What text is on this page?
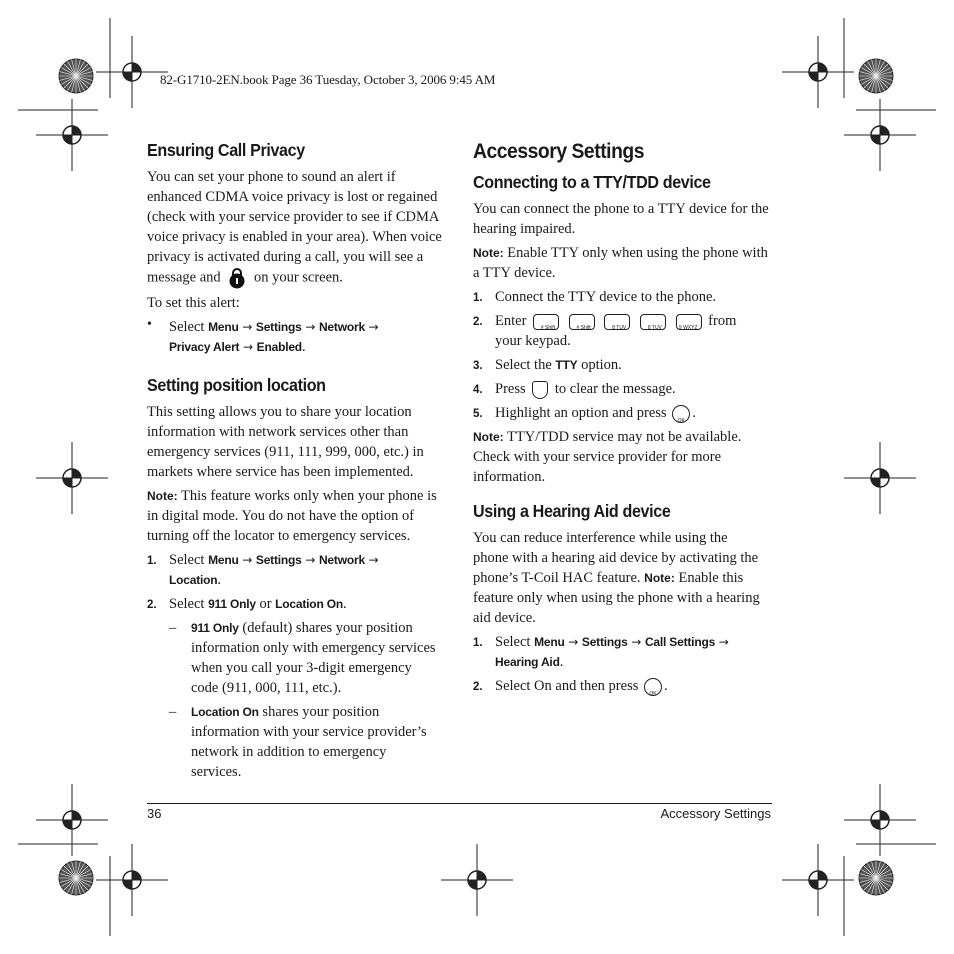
82-G1710-2EN.book Page 36 Tuesday, October 3, 2006 9:45 AM
Ensuring Call Privacy

You can set your phone to sound an alert if

enhanced CDMA voice privacy is lost or regained

(check with your service provider to see if CDMA

voice privacy is enabled in your area). When voice

privacy is activated during a call, you will see a

message and on your screen.

To set this alert:

• Select Menu → Settings → Network →

Privacy Alert → Enabled.

Setting position location

This setting allows you to share your location

information with network services other than

emergency services (911, 111, 999, 000, etc.) in

markets where service has been implemented.

Note: This feature works only when your phone is

in digital mode. You do not have the option of

turning off the locator to emergency services.

1. Select Menu → Settings → Network →

Location.

2. Select 911 Only or Location On.

– 911 Only (default) shares your position

information only with emergency services

when you call your 3-digit emergency

code (911, 000, 111, etc.).

– Location On shares your position

information with your service provider’s

network in addition to emergency

services.

Accessory Settings
Connecting to a TTY/TDD device

You can connect the phone to a TTY device for the

hearing impaired.

Note: Enable TTY only when using the phone with

a TTY device.

1. Connect the TTY device to the phone.

2. Enter	# Shift
	# Shift
	8 TUV
	8 TUV
	9 WXYZ from

your keypad.

3. Select the TTY option.

4. Press to clear the message.

5. Highlight an option and press	OK .

Note: TTY/TDD service may not be available.

Check with your service provider for more

information.

Using a Hearing Aid device

You can reduce interference while using the

phone with a hearing aid device by activating the

phone’s T-Coil HAC feature. Note: Enable this

feature only when using the phone with a hearing

aid device.

1. Select Menu → Settings → Call Settings →

Hearing Aid.

2. Select On and then press	OK .

36	Accessory Settings
